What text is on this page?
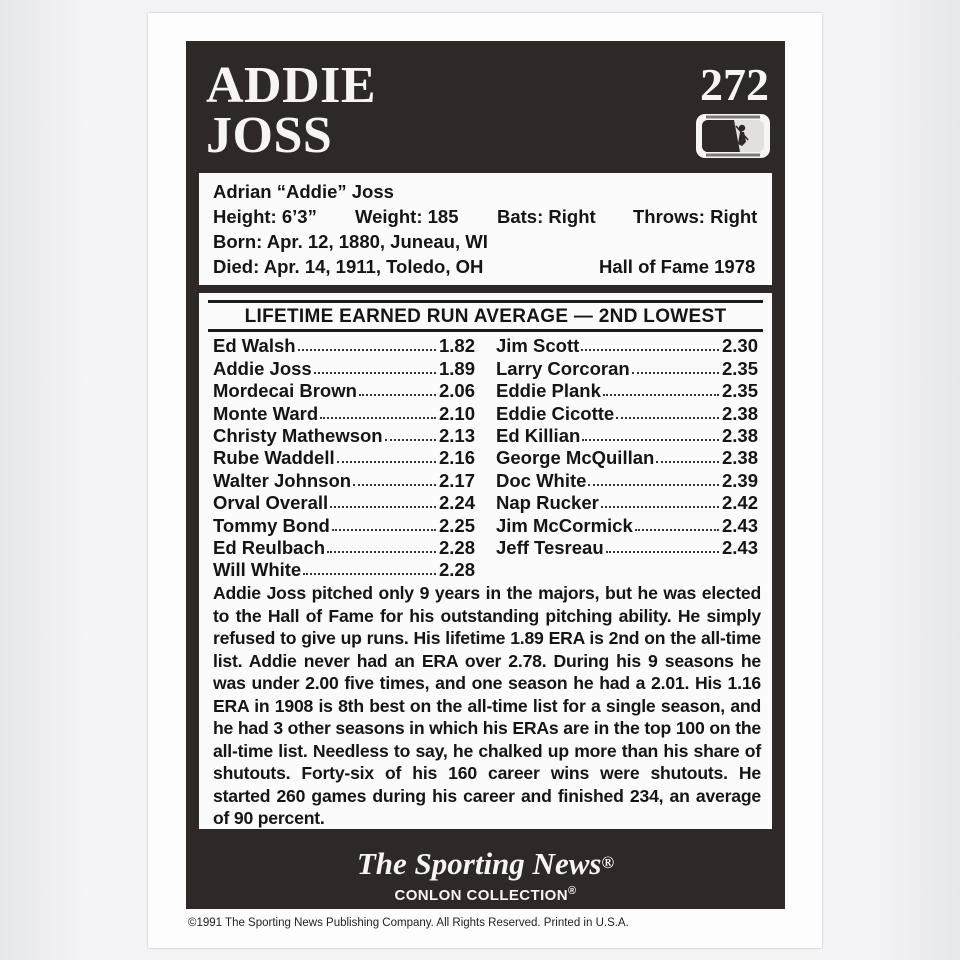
ADDIE
JOSS
272
Adrian “Addie” Joss
Height: 6’3” Weight: 185 Bats: Right Throws: Right
Born: Apr. 12, 1880, Juneau, WI
Died: Apr. 14, 1911, Toledo, OH	Hall of Fame 1978
LIFETIME EARNED RUN AVERAGE — 2ND LOWEST
Ed Walsh	1.82
Addie Joss	1.89
Mordecai Brown	2.06
Monte Ward	2.10
Christy Mathewson	2.13
Rube Waddell	2.16
Walter Johnson	2.17
Orval Overall	2.24
Tommy Bond	2.25
Ed Reulbach	2.28
Will White	2.28
Jim Scott	2.30
Larry Corcoran	2.35
Eddie Plank	2.35
Eddie Cicotte	2.38
Ed Killian	2.38
George McQuillan	2.38
Doc White	2.39
Nap Rucker	2.42
Jim McCormick	2.43
Jeff Tesreau	2.43

Addie Joss pitched only 9 years in the majors, but he was elected to the Hall of Fame for his outstanding pitching ability. He simply refused to give up runs. His lifetime 1.89 ERA is 2nd on the all-time list. Addie never had an ERA over 2.78. During his 9 seasons he was under 2.00 five times, and one season he had a 2.01. His 1.16 ERA in 1908 is 8th best on the all-time list for a single season, and he had 3 other seasons in which his ERAs are in the top 100 on the all-time list. Needless to say, he chalked up more than his share of shutouts. Forty-six of his 160 career wins were shutouts. He started 260 games during his career and finished 234, an average of 90 percent.

The Sporting News®
CONLON COLLECTION®
©1991 The Sporting News Publishing Company. All Rights Reserved. Printed in U.S.A.
